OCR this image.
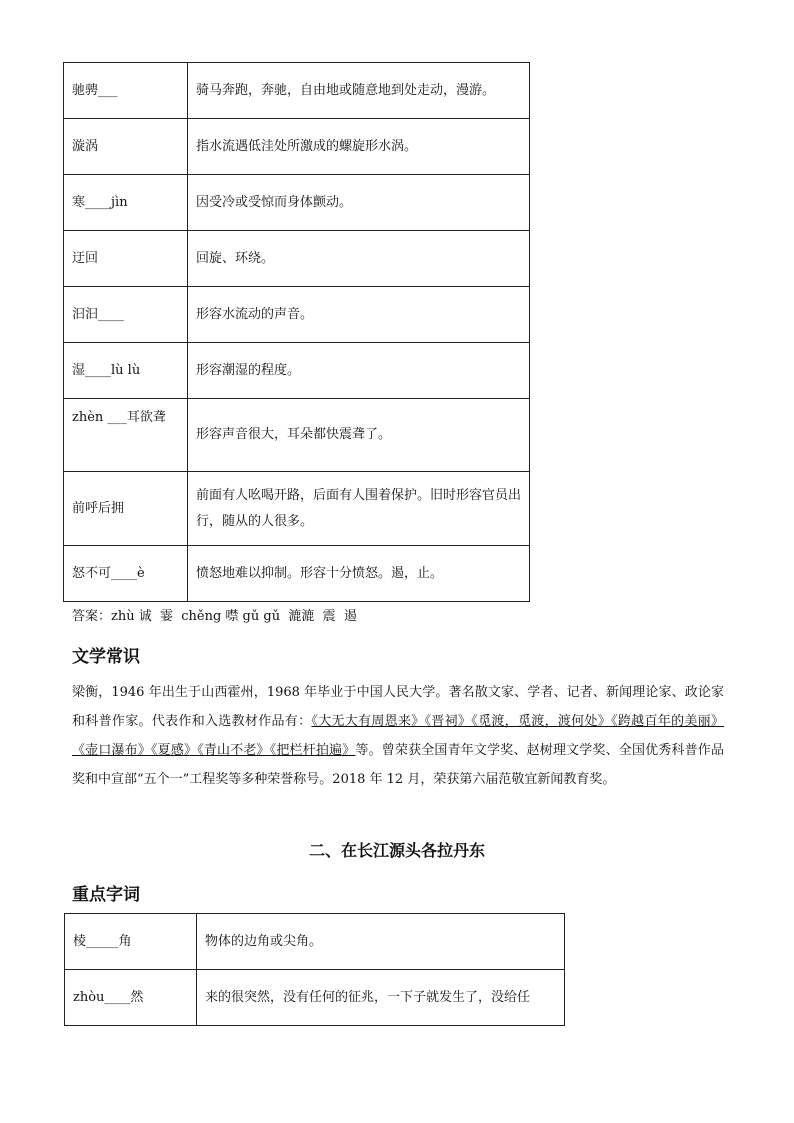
驰骋___	骑马奔跑，奔驰，自由地或随意地到处走动，漫游。
漩涡	指水流遇低洼处所激成的螺旋形水涡。
寒____jìn	因受冷或受惊而身体颤动。
迂回	回旋、环绕。
汩汩____	形容水流动的声音。
湿____lù lù	形容潮湿的程度。
zhèn ___耳欲聋	形容声音很大，耳朵都快震聋了。
前呼后拥	前面有人吆喝开路，后面有人围着保护。旧时形容官员出行，随从的人很多。
怒不可____è	愤怒地难以抑制。形容十分愤怒。遏，止。
答案：zhù 诚  霎  chěng 噤 gǔ gǔ  漉漉  震  遏
文学常识
梁衡，1946 年出生于山西霍州，1968 年毕业于中国人民大学。著名散文家、学者、记者、新闻理论家、政论家和科普作家。代表作和入选教材作品有：《大无大有周恩来》《晋祠》《觅渡，觅渡，渡何处》《跨越百年的美丽》《壶口瀑布》《夏感》《青山不老》《把栏杆拍遍》等。曾荣获全国青年文学奖、赵树理文学奖、全国优秀科普作品奖和中宣部“五个一”工程奖等多种荣誉称号。2018 年 12 月，荣获第六届范敬宜新闻教育奖。
二、在长江源头各拉丹东
重点字词
棱_____角	物体的边角或尖角。
zhòu____然	来的很突然，没有任何的征兆，一下子就发生了，没给任
